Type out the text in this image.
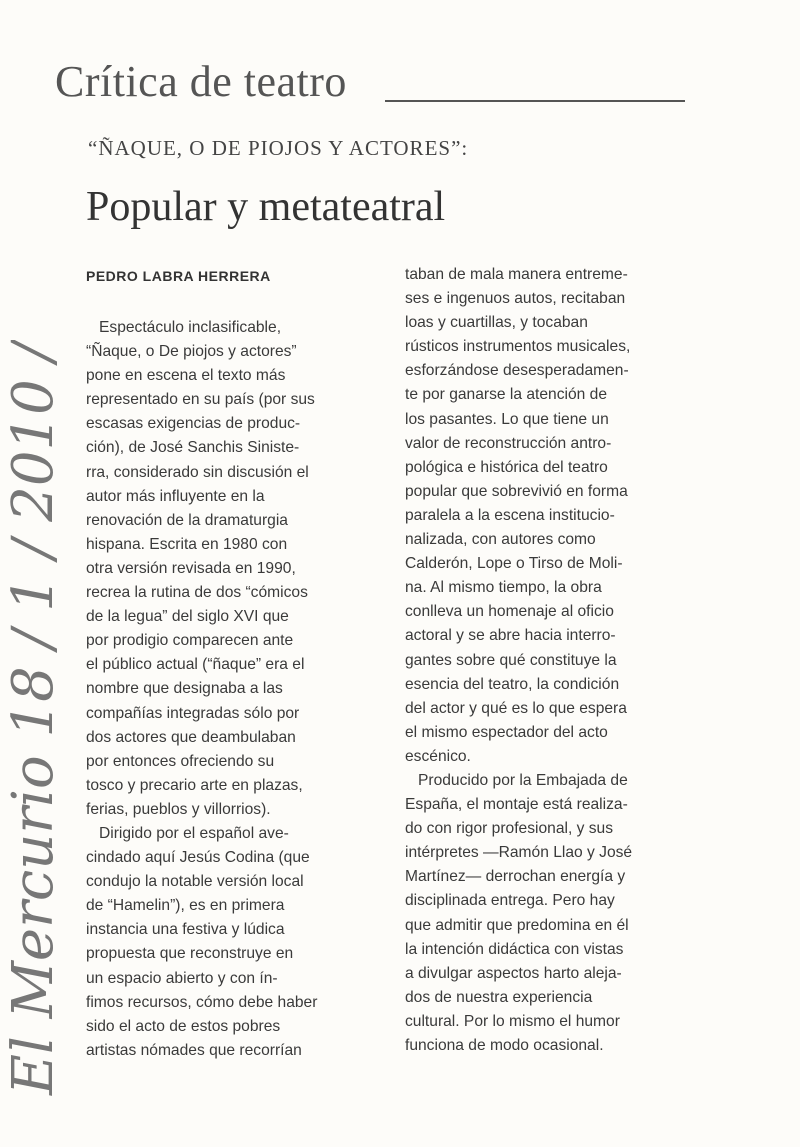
Crítica de teatro
“ÑAQUE, O DE PIOJOS Y ACTORES”:
Popular y metateatral
PEDRO LABRA HERRERA
Espectáculo inclasificable,
“Ñaque, o De piojos y actores”
pone en escena el texto más
representado en su país (por sus
escasas exigencias de produc-
ción), de José Sanchis Siniste-
rra, considerado sin discusión el
autor más influyente en la
renovación de la dramaturgia
hispana. Escrita en 1980 con
otra versión revisada en 1990,
recrea la rutina de dos “cómicos
de la legua” del siglo XVI que
por prodigio comparecen ante
el público actual (“ñaque” era el
nombre que designaba a las
compañías integradas sólo por
dos actores que deambulaban
por entonces ofreciendo su
tosco y precario arte en plazas,
ferias, pueblos y villorrios).
Dirigido por el español ave-
cindado aquí Jesús Codina (que
condujo la notable versión local
de “Hamelin”), es en primera
instancia una festiva y lúdica
propuesta que reconstruye en
un espacio abierto y con ín-
fimos recursos, cómo debe haber
sido el acto de estos pobres
artistas nómades que recorrían
taban de mala manera entreme-
ses e ingenuos autos, recitaban
loas y cuartillas, y tocaban
rústicos instrumentos musicales,
esforzándose desesperadamen-
te por ganarse la atención de
los pasantes. Lo que tiene un
valor de reconstrucción antro-
pológica e histórica del teatro
popular que sobrevivió en forma
paralela a la escena instituciо-
nalizada, con autores como
Calderón, Lope o Tirso de Moli-
na. Al mismo tiempo, la obra
conlleva un homenaje al oficio
actoral y se abre hacia interro-
gantes sobre qué constituye la
esencia del teatro, la condición
del actor y qué es lo que espera
el mismo espectador del acto
escénico.
Producido por la Embajada de
España, el montaje está realiza-
do con rigor profesional, y sus
intérpretes —Ramón Llao y José
Martínez— derrochan energía y
disciplinada entrega. Pero hay
que admitir que predomina en él
la intención didáctica con vistas
a divulgar aspectos harto aleja-
dos de nuestra experiencia
cultural. Por lo mismo el humor
funciona de modo ocasional.
El Mercurio 18 / 1 / 2010 / A 012
